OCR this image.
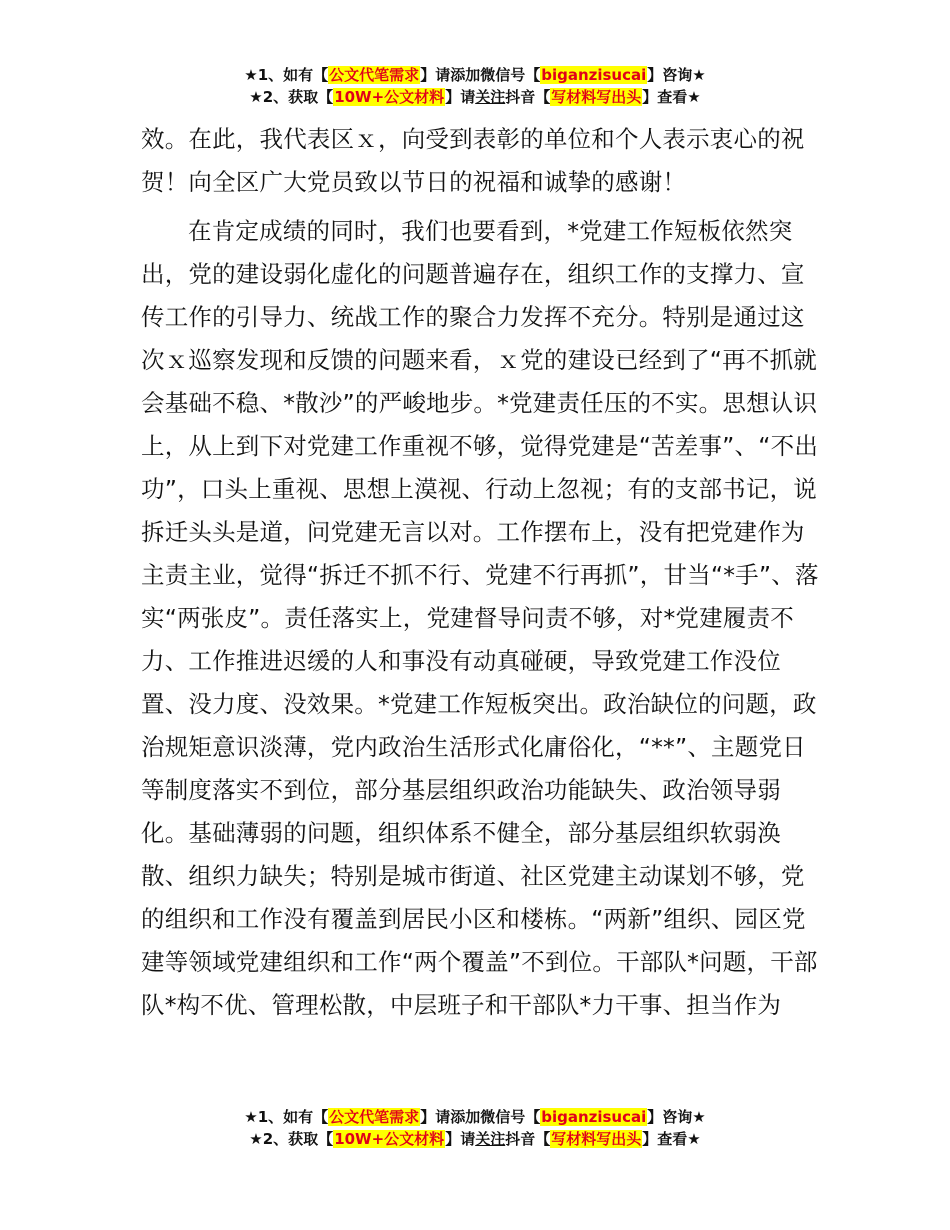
★1、如有【公文代笔需求】请添加微信号【biganzisucai】咨询★
★2、获取【10W+公文材料】请关注抖音【写材料写出头】查看★

效。在此，我代表区ｘ，向受到表彰的单位和个人表示衷心的祝贺！向全区广大党员致以节日的祝福和诚挚的感谢！

在肯定成绩的同时，我们也要看到，*党建工作短板依然突出，党的建设弱化虚化的问题普遍存在，组织工作的支撑力、宣传工作的引导力、统战工作的聚合力发挥不充分。特别是通过这次ｘ巡察发现和反馈的问题来看，ｘ党的建设已经到了“再不抓就会基础不稳、*散沙”的严峻地步。*党建责任压的不实。思想认识上，从上到下对党建工作重视不够，觉得党建是“苦差事”、“不出功”，口头上重视、思想上漠视、行动上忽视；有的支部书记，说拆迁头头是道，问党建无言以对。工作摆布上，没有把党建作为主责主业，觉得“拆迁不抓不行、党建不行再抓”，甘当“*手”、落实“两张皮”。责任落实上，党建督导问责不够，对*党建履责不力、工作推进迟缓的人和事没有动真碰硬，导致党建工作没位置、没力度、没效果。*党建工作短板突出。政治缺位的问题，政治规矩意识淡薄，党内政治生活形式化庸俗化，“**”、主题党日等制度落实不到位，部分基层组织政治功能缺失、政治领导弱化。基础薄弱的问题，组织体系不健全，部分基层组织软弱涣散、组织力缺失；特别是城市街道、社区党建主动谋划不够，党的组织和工作没有覆盖到居民小区和楼栋。“两新”组织、园区党建等领域党建组织和工作“两个覆盖”不到位。干部队*问题，干部队*构不优、管理松散，中层班子和干部队*力干事、担当作为

★1、如有【公文代笔需求】请添加微信号【biganzisucai】咨询★
★2、获取【10W+公文材料】请关注抖音【写材料写出头】查看★
